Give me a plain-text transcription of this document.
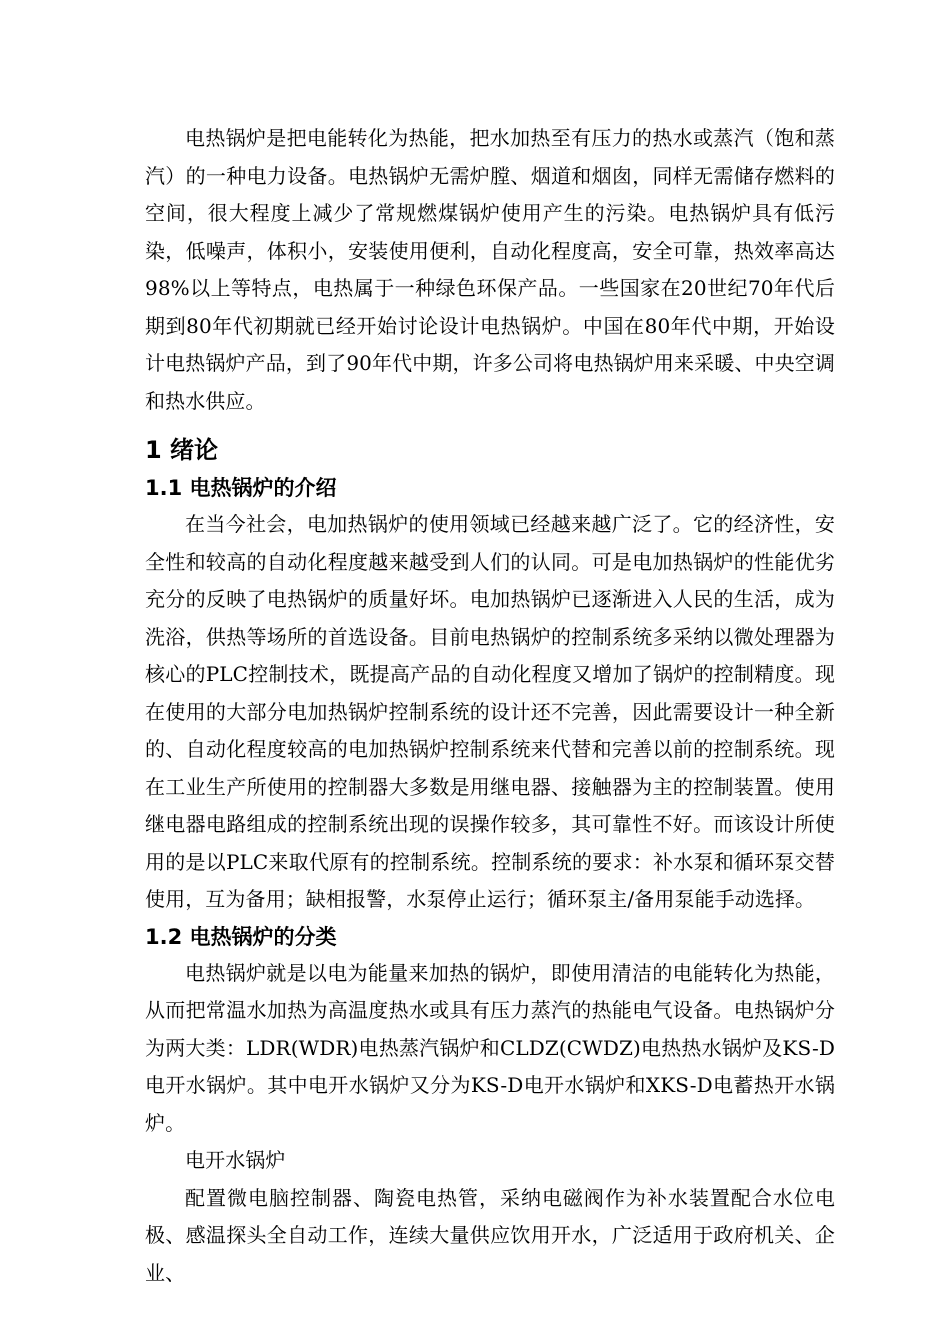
电热锅炉是把电能转化为热能，把水加热至有压力的热水或蒸汽（饱和蒸汽）的一种电力设备。电热锅炉无需炉膛、烟道和烟囱，同样无需储存燃料的空间，很大程度上减少了常规燃煤锅炉使用产生的污染。电热锅炉具有低污染，低噪声，体积小，安装使用便利，自动化程度高，安全可靠，热效率高达98%以上等特点，电热属于一种绿色环保产品。一些国家在20世纪70年代后期到80年代初期就已经开始讨论设计电热锅炉。中国在80年代中期，开始设计电热锅炉产品，到了90年代中期，许多公司将电热锅炉用来采暖、中央空调和热水供应。

1 绪论
1.1 电热锅炉的介绍

在当今社会，电加热锅炉的使用领域已经越来越广泛了。它的经济性，安全性和较高的自动化程度越来越受到人们的认同。可是电加热锅炉的性能优劣充分的反映了电热锅炉的质量好坏。电加热锅炉已逐渐进入人民的生活，成为洗浴，供热等场所的首选设备。目前电热锅炉的控制系统多采纳以微处理器为核心的PLC控制技术，既提高产品的自动化程度又增加了锅炉的控制精度。现在使用的大部分电加热锅炉控制系统的设计还不完善，因此需要设计一种全新的、自动化程度较高的电加热锅炉控制系统来代替和完善以前的控制系统。现在工业生产所使用的控制器大多数是用继电器、接触器为主的控制装置。使用继电器电路组成的控制系统出现的误操作较多，其可靠性不好。而该设计所使用的是以PLC来取代原有的控制系统。控制系统的要求：补水泵和循环泵交替使用，互为备用；缺相报警，水泵停止运行；循环泵主/备用泵能手动选择。

1.2 电热锅炉的分类

电热锅炉就是以电为能量来加热的锅炉，即使用清洁的电能转化为热能，从而把常温水加热为高温度热水或具有压力蒸汽的热能电气设备。电热锅炉分为两大类：LDR(WDR)电热蒸汽锅炉和CLDZ(CWDZ)电热热水锅炉及KS-D电开水锅炉。其中电开水锅炉又分为KS-D电开水锅炉和XKS-D电蓄热开水锅炉。

电开水锅炉

配置微电脑控制器、陶瓷电热管，采纳电磁阀作为补水装置配合水位电极、感温探头全自动工作，连续大量供应饮用开水，广泛适用于政府机关、企业、
